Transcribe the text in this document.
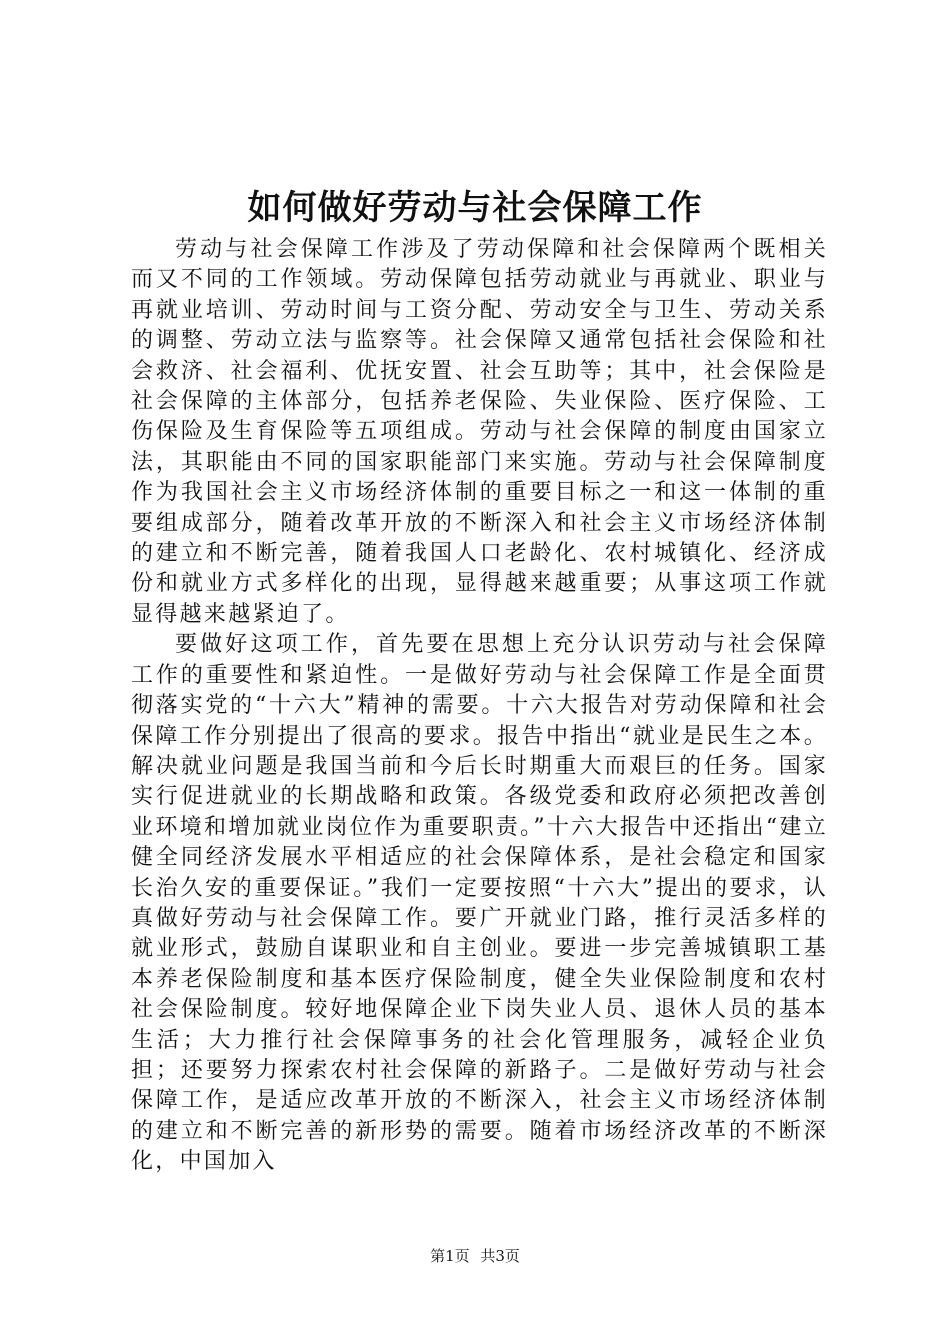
如何做好劳动与社会保障工作

劳动与社会保障工作涉及了劳动保障和社会保障两个既相关而又不同的工作领域。劳动保障包括劳动就业与再就业、职业与再就业培训、劳动时间与工资分配、劳动安全与卫生、劳动关系的调整、劳动立法与监察等。社会保障又通常包括社会保险和社会救济、社会福利、优抚安置、社会互助等；其中，社会保险是社会保障的主体部分，包括养老保险、失业保险、医疗保险、工伤保险及生育保险等五项组成。劳动与社会保障的制度由国家立法，其职能由不同的国家职能部门来实施。劳动与社会保障制度作为我国社会主义市场经济体制的重要目标之一和这一体制的重要组成部分，随着改革开放的不断深入和社会主义市场经济体制的建立和不断完善，随着我国人口老龄化、农村城镇化、经济成份和就业方式多样化的出现，显得越来越重要；从事这项工作就显得越来越紧迫了。

要做好这项工作，首先要在思想上充分认识劳动与社会保障工作的重要性和紧迫性。一是做好劳动与社会保障工作是全面贯彻落实党的“十六大”精神的需要。十六大报告对劳动保障和社会保障工作分别提出了很高的要求。报告中指出“就业是民生之本。解决就业问题是我国当前和今后长时期重大而艰巨的任务。国家实行促进就业的长期战略和政策。各级党委和政府必须把改善创业环境和增加就业岗位作为重要职责。”十六大报告中还指出“建立健全同经济发展水平相适应的社会保障体系，是社会稳定和国家长治久安的重要保证。”我们一定要按照“十六大”提出的要求，认真做好劳动与社会保障工作。要广开就业门路，推行灵活多样的就业形式，鼓励自谋职业和自主创业。要进一步完善城镇职工基本养老保险制度和基本医疗保险制度，健全失业保险制度和农村社会保险制度。较好地保障企业下岗失业人员、退休人员的基本生活；大力推行社会保障事务的社会化管理服务，减轻企业负担；还要努力探索农村社会保障的新路子。二是做好劳动与社会保障工作，是适应改革开放的不断深入，社会主义市场经济体制的建立和不断完善的新形势的需要。随着市场经济改革的不断深化，中国加入

第1页 共3页
